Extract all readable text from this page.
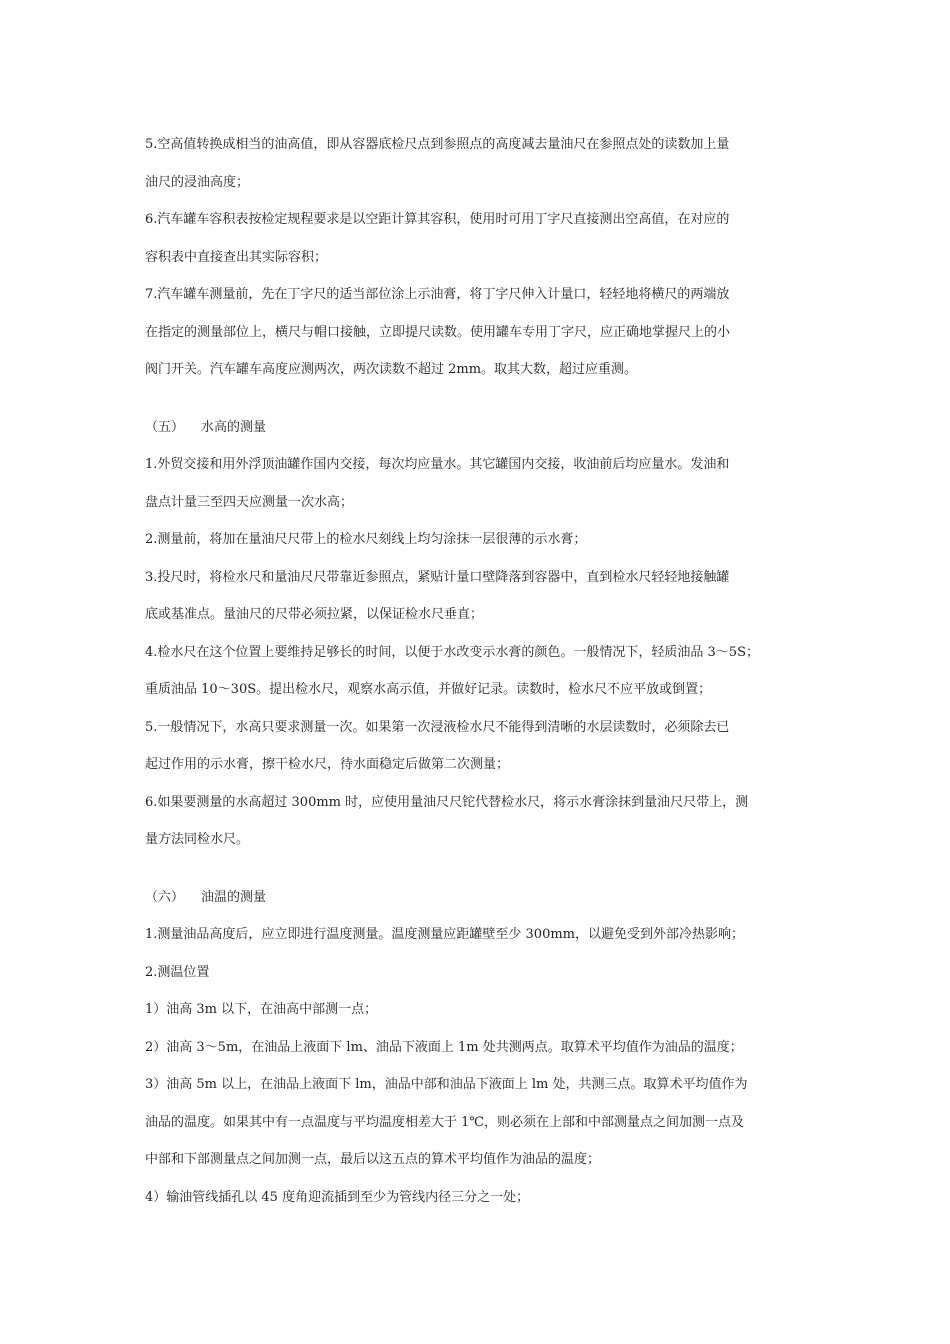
5.空高值转换成相当的油高值，即从容器底检尺点到参照点的高度减去量油尺在参照点处的读数加上量
油尺的浸油高度；
6.汽车罐车容积表按检定规程要求是以空距计算其容积，使用时可用丁字尺直接测出空高值，在对应的
容积表中直接查出其实际容积；
7.汽车罐车测量前，先在丁字尺的适当部位涂上示油膏，将丁字尺伸入计量口，轻轻地将横尺的两端放
在指定的测量部位上，横尺与帽口接触，立即提尺读数。使用罐车专用丁字尺，应正确地掌握尺上的小
阀门开关。汽车罐车高度应测两次，两次读数不超过 2mm。取其大数，超过应重测。
（五） 水高的测量
1.外贸交接和用外浮顶油罐作国内交接，每次均应量水。其它罐国内交接，收油前后均应量水。发油和
盘点计量三至四天应测量一次水高；
2.测量前，将加在量油尺尺带上的检水尺刻线上均匀涂抹一层很薄的示水膏；
3.投尺时，将检水尺和量油尺尺带靠近参照点，紧贴计量口壁降落到容器中，直到检水尺轻轻地接触罐
底或基准点。量油尺的尺带必须拉紧，以保证检水尺垂直；
4.检水尺在这个位置上要维持足够长的时间，以便于水改变示水膏的颜色。一般情况下，轻质油品 3～5S；
重质油品 10～30S。提出检水尺，观察水高示值，并做好记录。读数时，检水尺不应平放或倒置；
5.一般情况下，水高只要求测量一次。如果第一次浸液检水尺不能得到清晰的水层读数时，必须除去已
起过作用的示水膏，擦干检水尺，待水面稳定后做第二次测量；
6.如果要测量的水高超过 300mm 时，应使用量油尺尺铊代替检水尺，将示水膏涂抹到量油尺尺带上，测
量方法同检水尺。
（六） 油温的测量
1.测量油品高度后，应立即进行温度测量。温度测量应距罐壁至少 300mm，以避免受到外部冷热影响；
2.测温位置
1）油高 3m 以下，在油高中部测一点；
2）油高 3～5m，在油品上液面下 lm、油品下液面上 1m 处共测两点。取算术平均值作为油品的温度；
3）油高 5m 以上，在油品上液面下 lm，油品中部和油品下液面上 lm 处，共测三点。取算术平均值作为
油品的温度。如果其中有一点温度与平均温度相差大于 1℃，则必须在上部和中部测量点之间加测一点及
中部和下部测量点之间加测一点，最后以这五点的算术平均值作为油品的温度；
4）输油管线插孔以 45 度角迎流插到至少为管线内径三分之一处；
